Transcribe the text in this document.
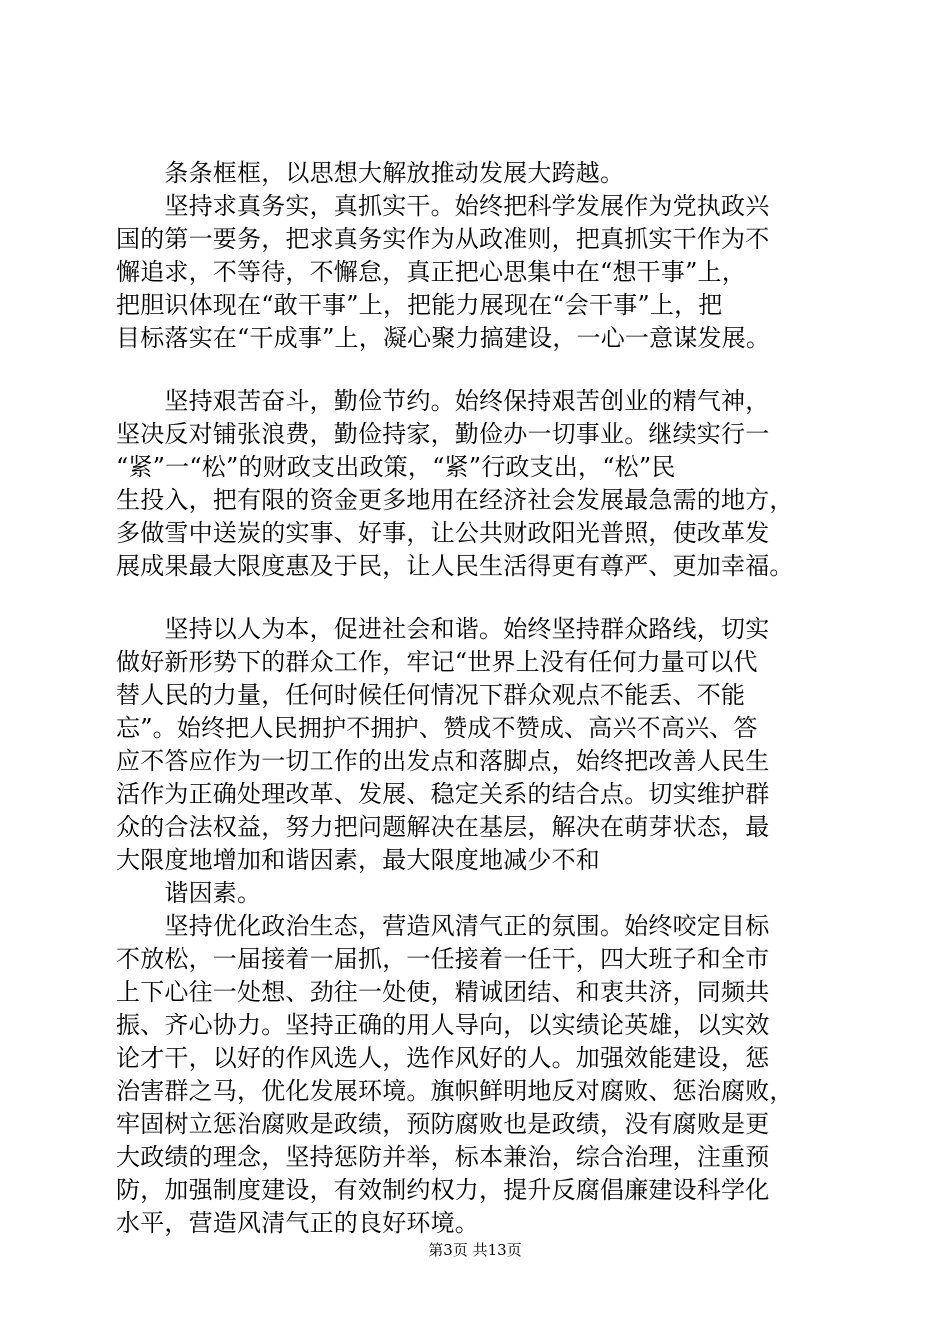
　　条条框框，以思想大解放推动发展大跨越。
　　坚持求真务实，真抓实干。始终把科学发展作为党执政兴
国的第一要务，把求真务实作为从政准则，把真抓实干作为不
懈追求，不等待，不懈怠，真正把心思集中在“想干事”上，
把胆识体现在“敢干事”上，把能力展现在“会干事”上，把
目标落实在“干成事”上，凝心聚力搞建设，一心一意谋发展。
　　坚持艰苦奋斗，勤俭节约。始终保持艰苦创业的精气神，
坚决反对铺张浪费，勤俭持家，勤俭办一切事业。继续实行一
“紧”一“松”的财政支出政策，“紧”行政支出，“松”民
生投入，把有限的资金更多地用在经济社会发展最急需的地方，
多做雪中送炭的实事、好事，让公共财政阳光普照，使改革发
展成果最大限度惠及于民，让人民生活得更有尊严、更加幸福。
　　坚持以人为本，促进社会和谐。始终坚持群众路线，切实
做好新形势下的群众工作，牢记“世界上没有任何力量可以代
替人民的力量，任何时候任何情况下群众观点不能丢、不能
忘”。始终把人民拥护不拥护、赞成不赞成、高兴不高兴、答
应不答应作为一切工作的出发点和落脚点，始终把改善人民生
活作为正确处理改革、发展、稳定关系的结合点。切实维护群
众的合法权益，努力把问题解决在基层，解决在萌芽状态，最
大限度地增加和谐因素，最大限度地减少不和
　　谐因素。
　　坚持优化政治生态，营造风清气正的氛围。始终咬定目标
不放松，一届接着一届抓，一任接着一任干，四大班子和全市
上下心往一处想、劲往一处使，精诚团结、和衷共济，同频共
振、齐心协力。坚持正确的用人导向，以实绩论英雄，以实效
论才干，以好的作风选人，选作风好的人。加强效能建设，惩
治害群之马，优化发展环境。旗帜鲜明地反对腐败、惩治腐败，
牢固树立惩治腐败是政绩，预防腐败也是政绩，没有腐败是更
大政绩的理念，坚持惩防并举，标本兼治，综合治理，注重预
防，加强制度建设，有效制约权力，提升反腐倡廉建设科学化
水平，营造风清气正的良好环境。
第3页 共13页
